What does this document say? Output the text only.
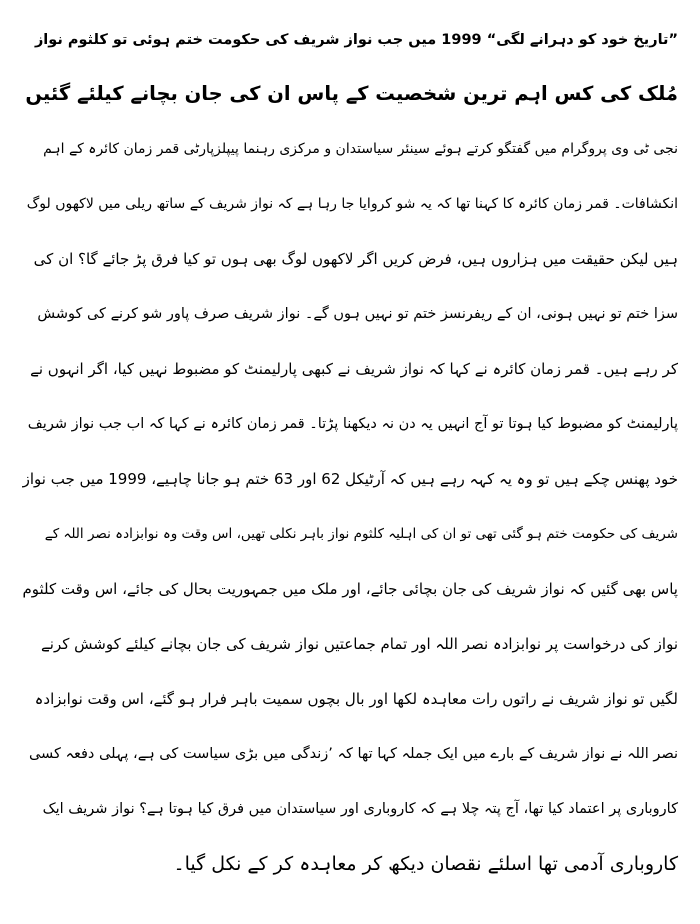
”تاریخ خود کو دہرانے لگی“ 1999 میں جب نواز شریف کی حکومت ختم ہوئی تو کلثوم نواز
مُلک کی کس اہم ترین شخصیت کے پاس ان کی جان بچانے کیلئے گئیں
نجی ٹی وی پروگرام میں گفتگو کرتے ہوئے سینئر سیاستدان و مرکزی رہنما پیپلزپارٹی قمر زمان کائرہ کے اہم
انکشافات۔ قمر زمان کائرہ کا کہنا تھا کہ یہ شو کروایا جا رہا ہے کہ نواز شریف کے ساتھ ریلی میں لاکھوں لوگ
ہیں لیکن حقیقت میں ہزاروں ہیں، فرض کریں اگر لاکھوں لوگ بھی ہوں تو کیا فرق پڑ جائے گا؟ ان کی
سزا ختم تو نہیں ہونی، ان کے ریفرنسز ختم تو نہیں ہوں گے۔ نواز شریف صرف پاور شو کرنے کی کوشش
کر رہے ہیں۔ قمر زمان کائرہ نے کہا کہ نواز شریف نے کبھی پارلیمنٹ کو مضبوط نہیں کیا، اگر انہوں نے
پارلیمنٹ کو مضبوط کیا ہوتا تو آج انہیں یہ دن نہ دیکھنا پڑتا۔ قمر زمان کائرہ نے کہا کہ اب جب نواز شریف
خود پھنس چکے ہیں تو وہ یہ کہہ رہے ہیں کہ آرٹیکل 62 اور 63 ختم ہو جانا چاہیے، 1999 میں جب نواز
شریف کی حکومت ختم ہو گئی تھی تو ان کی اہلیہ کلثوم نواز باہر نکلی تھیں، اس وقت وہ نوابزادہ نصر اللہ کے
پاس بھی گئیں کہ نواز شریف کی جان بچائی جائے، اور ملک میں جمہوریت بحال کی جائے، اس وقت کلثوم
نواز کی درخواست پر نوابزادہ نصر اللہ اور تمام جماعتیں نواز شریف کی جان بچانے کیلئے کوشش کرنے
لگیں تو نواز شریف نے راتوں رات معاہدہ لکھا اور بال بچوں سمیت باہر فرار ہو گئے، اس وقت نوابزادہ
نصر اللہ نے نواز شریف کے بارے میں ایک جملہ کہا تھا کہ ’زندگی میں بڑی سیاست کی ہے، پہلی دفعہ کسی
کاروباری پر اعتماد کیا تھا، آج پتہ چلا ہے کہ کاروباری اور سیاستدان میں فرق کیا ہوتا ہے؟ نواز شریف ایک
کاروباری آدمی تھا اسلئے نقصان دیکھ کر معاہدہ کر کے نکل گیا۔
